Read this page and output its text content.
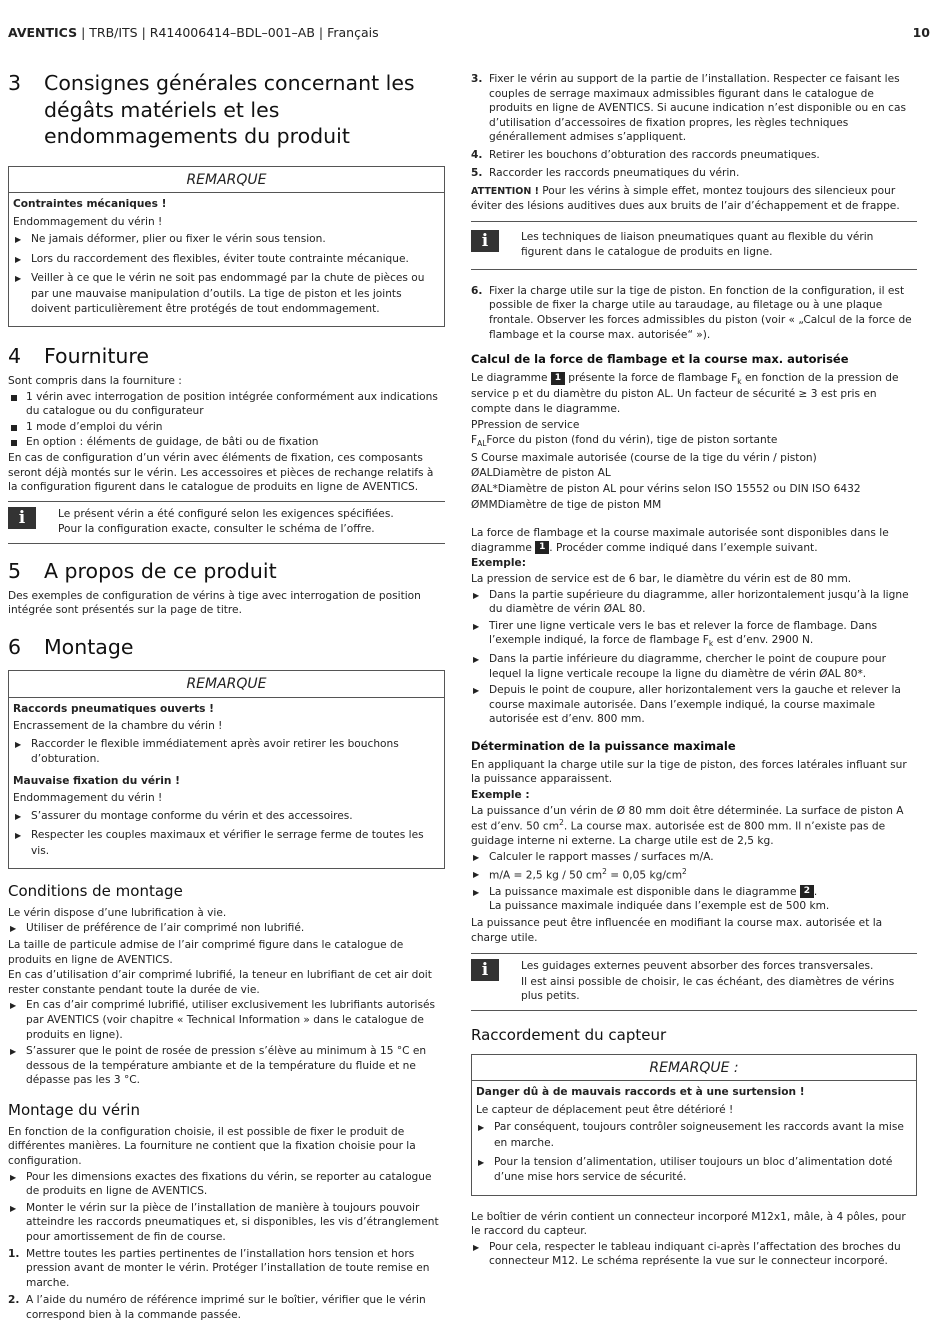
AVENTICS | TRB/ITS | R414006414–BDL–001–AB | Français	10
3	Consignes générales concernant les dégâts matériels et les endommagements du produit
REMARQUE
Contraintes mécaniques !

Endommagement du vérin !

▶ Ne jamais déformer, plier ou fixer le vérin sous tension.
▶ Lors du raccordement des flexibles, éviter toute contrainte mécanique.
▶ Veiller à ce que le vérin ne soit pas endommagé par la chute de pièces ou par une mauvaise manipulation d’outils. La tige de piston et les joints doivent particulièrement être protégés de tout endommagement.
4	Fourniture

Sont compris dans la fourniture :

1 vérin avec interrogation de position intégrée conformément aux indications du catalogue ou du configurateur
1 mode d’emploi du vérin
En option : éléments de guidage, de bâti ou de fixation

En cas de configuration d’un vérin avec éléments de fixation, ces composants seront déjà montés sur le vérin. Les accessoires et pièces de rechange relatifs à la configuration figurent dans le catalogue de produits en ligne de AVENTICS.

i	Le présent vérin a été configuré selon les exigences spécifiées.

Pour la configuration exacte, consulter le schéma de l’offre.

5	A propos de ce produit

Des exemples de configuration de vérins à tige avec interrogation de position intégrée sont présentés sur la page de titre.

6	Montage
REMARQUE
Raccords pneumatiques ouverts !

Encrassement de la chambre du vérin !

▶ Raccorder le flexible immédiatement après avoir retirer les bouchons d’obturation.
Mauvaise fixation du vérin !

Endommagement du vérin !

▶ S’assurer du montage conforme du vérin et des accessoires.
▶ Respecter les couples maximaux et vérifier le serrage ferme de toutes les vis.
Conditions de montage

Le vérin dispose d’une lubrification à vie.

▶ Utiliser de préférence de l’air comprimé non lubrifié.

La taille de particule admise de l’air comprimé figure dans le catalogue de produits en ligne de AVENTICS.

En cas d’utilisation d’air comprimé lubrifié, la teneur en lubrifiant de cet air doit rester constante pendant toute la durée de vie.

▶ En cas d’air comprimé lubrifié, utiliser exclusivement les lubrifiants autorisés par AVENTICS (voir chapitre « Technical Information » dans le catalogue de produits en ligne).
▶ S’assurer que le point de rosée de pression s’élève au minimum à 15 °C en dessous de la température ambiante et de la température du fluide et ne dépasse pas les 3 °C.
Montage du vérin

En fonction de la configuration choisie, il est possible de fixer le produit de différentes manières. La fourniture ne contient que la fixation choisie pour la configuration.

▶ Pour les dimensions exactes des fixations du vérin, se reporter au catalogue de produits en ligne de AVENTICS.
▶ Monter le vérin sur la pièce de l’installation de manière à toujours pouvoir atteindre les raccords pneumatiques et, si disponibles, les vis d’étranglement pour amortissement de fin de course.
1. Mettre toutes les parties pertinentes de l’installation hors tension et hors pression avant de monter le vérin. Protéger l’installation de toute remise en marche.
2. A l’aide du numéro de référence imprimé sur le boîtier, vérifier que le vérin correspond bien à la commande passée.
3. Fixer le vérin au support de la partie de l’installation. Respecter ce faisant les couples de serrage maximaux admissibles figurant dans le catalogue de produits en ligne de AVENTICS. Si aucune indication n’est disponible ou en cas d’utilisation d’accessoires de fixation propres, les règles techniques générallement admises s’appliquent.
4. Retirer les bouchons d’obturation des raccords pneumatiques.
5. Raccorder les raccords pneumatiques du vérin.

ATTENTION ! Pour les vérins à simple effet, montez toujours des silencieux pour éviter des lésions auditives dues aux bruits de l’air d’échappement et de frappe.

i	Les techniques de liaison pneumatiques quant au flexible du vérin figurent dans le catalogue de produits en ligne.

6. Fixer la charge utile sur la tige de piston. En fonction de la configuration, il est possible de fixer la charge utile au taraudage, au filetage ou à une plaque frontale. Observer les forces admissibles du piston (voir « „Calcul de la force de flambage et la course max. autorisée“ »).
Calcul de la force de flambage et la course max. autorisée

Le diagramme 1 présente la force de flambage $F_k$ en fonction de la pression de service p et du diamètre du piston AL. Un facteur de sécurité ≥ 3 est pris en compte dans le diagramme.

PPression de service

$F_{AL}Force$ du piston (fond du vérin), tige de piston sortante

S Course maximale autorisée (course de la tige du vérin / piston)

ØALDiamètre de piston AL

ØAL*Diamètre de piston AL pour vérins selon ISO 15552 ou DIN ISO 6432

ØMMDiamètre de tige de piston MM

La force de flambage et la course maximale autorisée sont disponibles dans le diagramme 1 . Procéder comme indiqué dans l’exemple suivant.

Exemple:

La pression de service est de 6 bar, le diamètre du vérin est de 80 mm.

▶ Dans la partie supérieure du diagramme, aller horizontalement jusqu’à la ligne du diamètre de vérin ØAL 80.
▶ Tirer une ligne verticale vers le bas et relever la force de flambage. Dans l’exemple indiqué, la force de flambage $F_k$ est d’env. 2900 N.
▶ Dans la partie inférieure du diagramme, chercher le point de coupure pour lequel la ligne verticale recoupe la ligne du diamètre de vérin ØAL 80*.
▶ Depuis le point de coupure, aller horizontalement vers la gauche et relever la course maximale autorisée. Dans l’exemple indiqué, la course maximale autorisée est d’env. 800 mm.
Détermination de la puissance maximale

En appliquant la charge utile sur la tige de piston, des forces latérales influant sur la puissance apparaissent.

Exemple :

La puissance d’un vérin de Ø 80 mm doit être déterminée. La surface de piston A est d’env. 50 $cm^2$. La course max. autorisée est de 800 mm. Il n’existe pas de guidage interne ni externe. La charge utile est de 2,5 kg.

▶ Calculer le rapport masses / surfaces m/A.
▶ m/A = 2,5 kg / 50 $cm^2 = 0,05$ $kg/cm^2$
▶ La puissance maximale est disponible dans le diagramme 2 .
La puissance maximale indiquée dans l’exemple est de 500 km.

La puissance peut être influencée en modifiant la course max. autorisée et la charge utile.

i	Les guidages externes peuvent absorber des forces transversales.

Il est ainsi possible de choisir, le cas échéant, des diamètres de vérins plus petits.

Raccordement du capteur
REMARQUE :
Danger dû à de mauvais raccords et à une surtension !

Le capteur de déplacement peut être détérioré !

▶ Par conséquent, toujours contrôler soigneusement les raccords avant la mise en marche.
▶ Pour la tension d’alimentation, utiliser toujours un bloc d’alimentation doté d’une mise hors service de sécurité.

Le boîtier de vérin contient un connecteur incorporé M12x1, mâle, à 4 pôles, pour le raccord du capteur.

▶ Pour cela, respecter le tableau indiquant ci-après l’affectation des broches du connecteur M12. Le schéma représente la vue sur le connecteur incorporé.
